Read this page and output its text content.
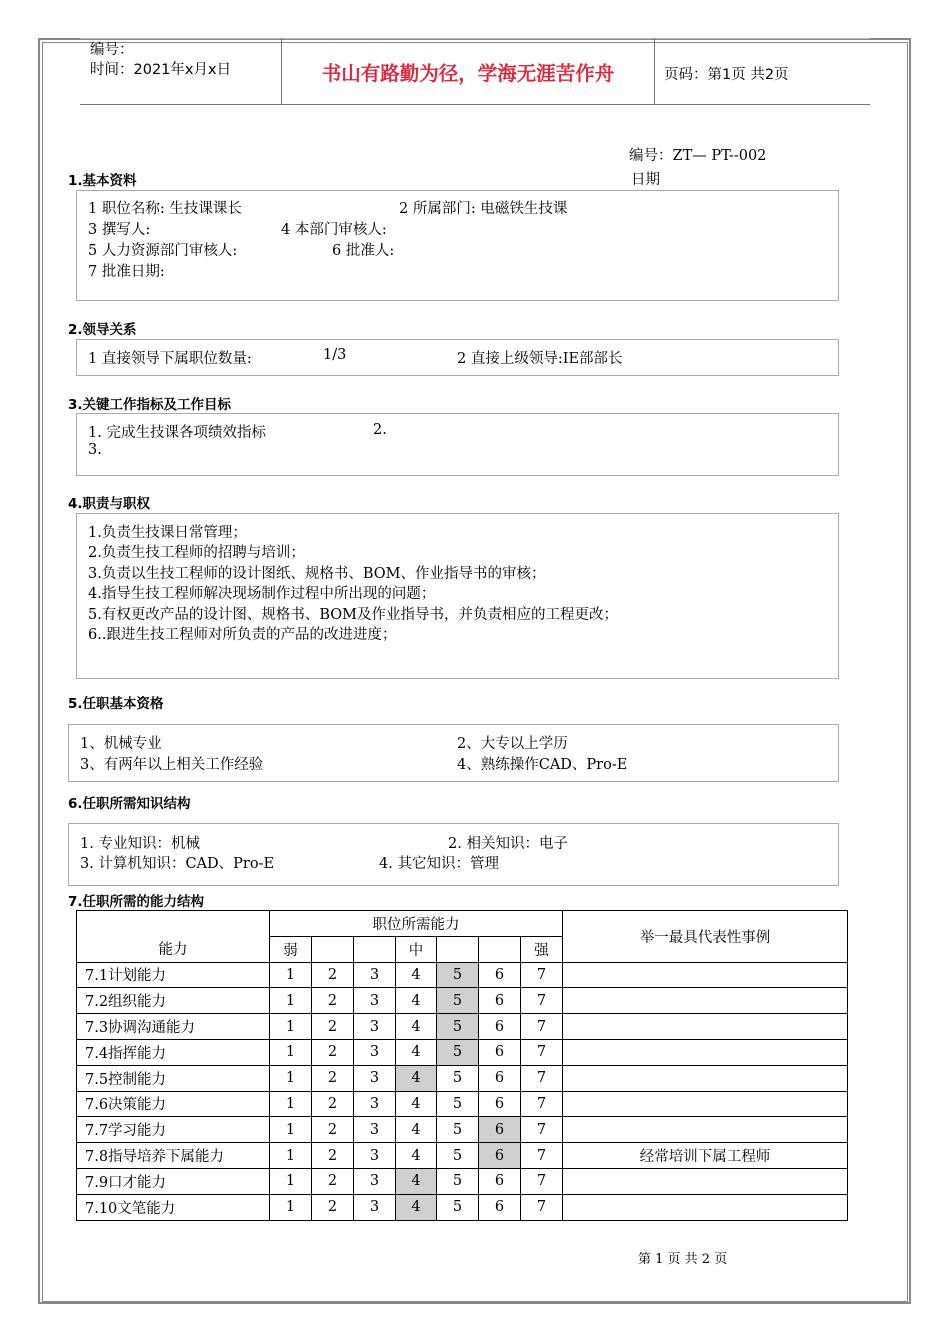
编号：
时间：2021年x月x日	书山有路勤为径，学海无涯苦作舟	页码：第1页 共2页
编号：ZT— PT--002
日期
1.基本资料
1 职位名称: 生技课课长	2 所属部门: 电磁铁生技课
3 撰写人:	4 本部门审核人:
5 人力资源部门审核人:	6 批准人:
7 批准日期:
2.领导关系
1 直接领导下属职位数量:	1/3	2 直接上级领导:IE部部长
3.关键工作指标及工作目标
1. 完成生技课各项绩效指标	2.
3.
4.职责与职权
1.负责生技课日常管理；
2.负责生技工程师的招聘与培训；
3.负责以生技工程师的设计图纸、规格书、BOM、作业指导书的审核；
4.指导生技工程师解决现场制作过程中所出现的问题；
5.有权更改产品的设计图、规格书、BOM及作业指导书，并负责相应的工程更改；
6..跟进生技工程师对所负责的产品的改进进度；
5.任职基本资格
1、机械专业	2、大专以上学历
3、有两年以上相关工作经验	4、熟练操作CAD、Pro-E
6.任职所需知识结构
1. 专业知识：机械	2. 相关知识：电子
3. 计算机知识：CAD、Pro-E	4. 其它知识：管理
7.任职所需的能力结构
能力	职位所需能力							举一最具代表性事例
	弱			中			强	
7.1计划能力	1	2	3	4	5	6	7	
7.2组织能力	1	2	3	4	5	6	7	
7.3协调沟通能力	1	2	3	4	5	6	7	
7.4指挥能力	1	2	3	4	5	6	7	
7.5控制能力	1	2	3	4	5	6	7	
7.6决策能力	1	2	3	4	5	6	7	
7.7学习能力	1	2	3	4	5	6	7	
7.8指导培养下属能力	1	2	3	4	5	6	7	经常培训下属工程师
7.9口才能力	1	2	3	4	5	6	7	
7.10文笔能力	1	2	3	4	5	6	7	
第 1 页 共 2 页
